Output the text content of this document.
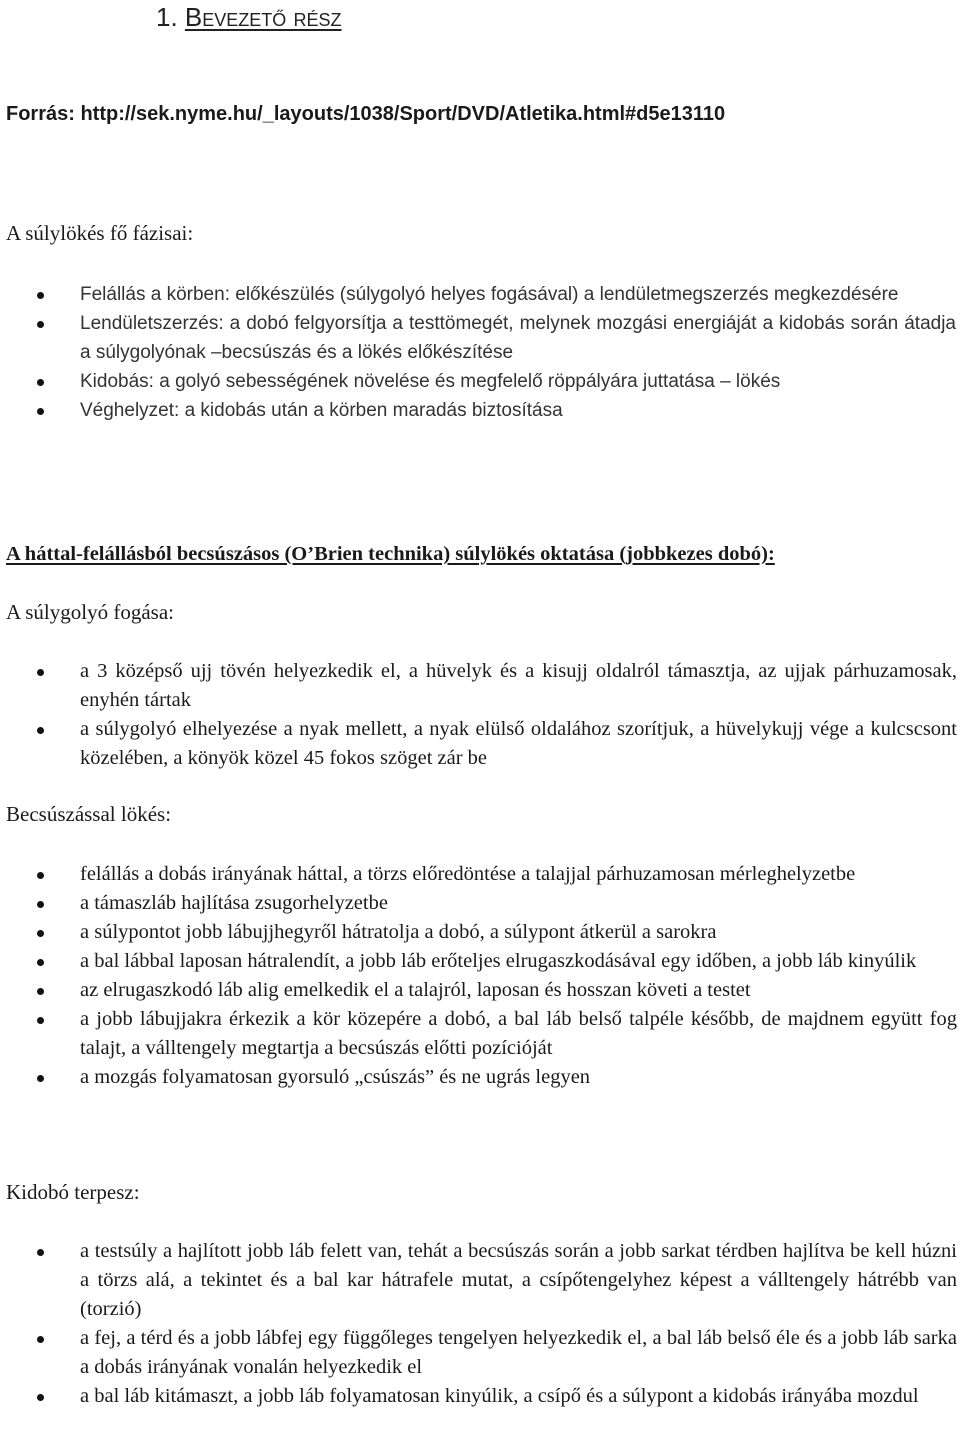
1. Bevezető rész
Forrás: http://sek.nyme.hu/_layouts/1038/Sport/DVD/Atletika.html#d5e13110
A súlylökés fő fázisai:
Felállás a körben: előkészülés (súlygolyó helyes fogásával) a lendületmegszerzés megkezdésére
Lendületszerzés: a dobó felgyorsítja a testtömegét, melynek mozgási energiáját a kidobás során átadja a súlygolyónak –becsúszás és a lökés előkészítése
Kidobás: a golyó sebességének növelése és megfelelő röppályára juttatása – lökés
Véghelyzet: a kidobás után a körben maradás biztosítása
A háttal-felállásból becsúszásos (O’Brien technika) súlylökés oktatása (jobbkezes dobó):
A súlygolyó fogása:
a 3 középső ujj tövén helyezkedik el, a hüvelyk és a kisujj oldalról támasztja, az ujjak párhuzamosak, enyhén tártak
a súlygolyó elhelyezése a nyak mellett, a nyak elülső oldalához szorítjuk, a hüvelykujj vége a kulcscsont közelében, a könyök közel 45 fokos szöget zár be
Becsúszással lökés:
felállás a dobás irányának háttal, a törzs előredöntése a talajjal párhuzamosan mérleghelyzetbe
a támaszláb hajlítása zsugorhelyzetbe
a súlypontot jobb lábujjhegyről hátratolja a dobó, a súlypont átkerül a sarokra
a bal lábbal laposan hátralendít, a jobb láb erőteljes elrugaszkodásával egy időben, a jobb láb kinyúlik
az elrugaszkodó láb alig emelkedik el a talajról, laposan és hosszan követi a testet
a jobb lábujjakra érkezik a kör közepére a dobó, a bal láb belső talpéle később, de majdnem együtt fog talajt, a válltengely megtartja a becsúszás előtti pozícióját
a mozgás folyamatosan gyorsuló „csúszás” és ne ugrás legyen
Kidobó terpesz:
a testsúly a hajlított jobb láb felett van, tehát a becsúszás során a jobb sarkat térdben hajlítva be kell húzni a törzs alá, a tekintet és a bal kar hátrafele mutat, a csípőtengelyhez képest a válltengely hátrébb van (torzió)
a fej, a térd és a jobb lábfej egy függőleges tengelyen helyezkedik el, a bal láb belső éle és a jobb láb sarka a dobás irányának vonalán helyezkedik el
a bal láb kitámaszt, a jobb láb folyamatosan kinyúlik, a csípő és a súlypont a kidobás irányába mozdul
